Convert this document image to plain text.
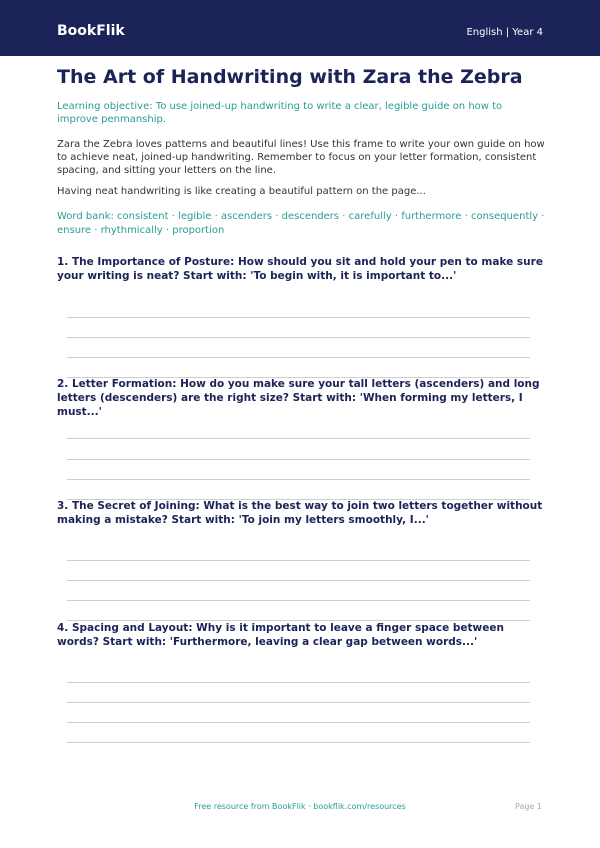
BookFlik	English | Year 4
The Art of Handwriting with Zara the Zebra
Learning objective: To use joined-up handwriting to write a clear, legible guide on how to improve penmanship.
Zara the Zebra loves patterns and beautiful lines! Use this frame to write your own guide on how to achieve neat, joined-up handwriting. Remember to focus on your letter formation, consistent spacing, and sitting your letters on the line.
Having neat handwriting is like creating a beautiful pattern on the page...
Word bank: consistent · legible · ascenders · descenders · carefully · furthermore · consequently · ensure · rhythmically · proportion
1. The Importance of Posture: How should you sit and hold your pen to make sure your writing is neat? Start with: 'To begin with, it is important to...'
2. Letter Formation: How do you make sure your tall letters (ascenders) and long letters (descenders) are the right size? Start with: 'When forming my letters, I must...'
3. The Secret of Joining: What is the best way to join two letters together without making a mistake? Start with: 'To join my letters smoothly, I...'
4. Spacing and Layout: Why is it important to leave a finger space between words? Start with: 'Furthermore, leaving a clear gap between words...'
Free resource from BookFlik · bookflik.com/resources	Page 1
